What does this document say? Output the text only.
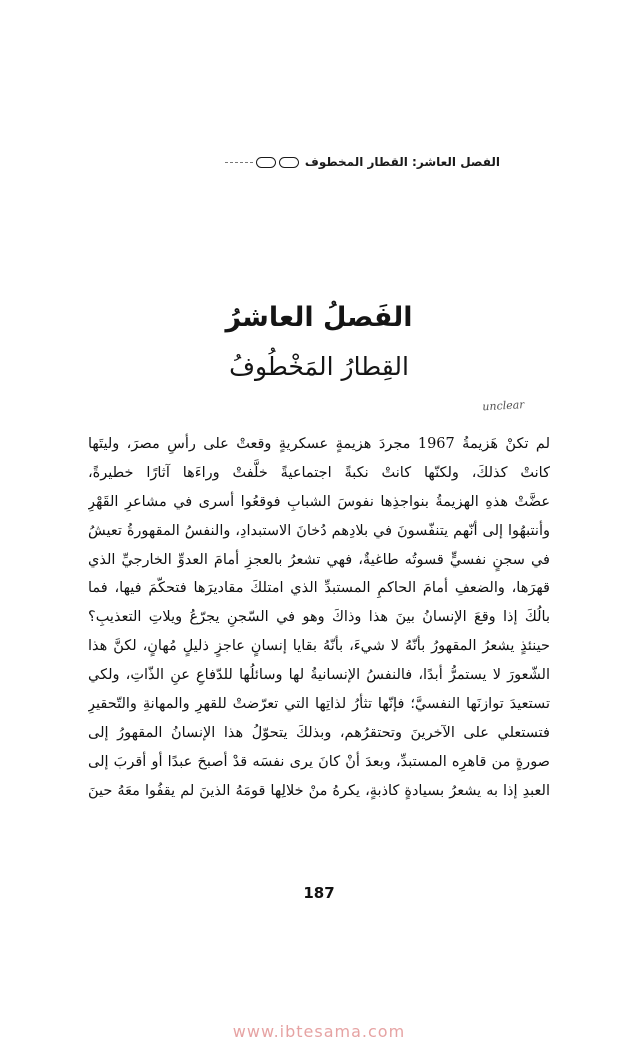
الفصل العاشر: القطار المخطوف
الفَصلُ العاشرُ
القِطارُ المَخْطُوفُ
unclear
لم تكنْ هَزيمةُ 1967 مجردَ هزيمةٍ عسكريةٍ وقعتْ على رأسِ مصرَ، وليتَها
كانتْ كذلكَ، ولكنّها كانتْ نكبةً اجتماعيةً خلَّفتْ وراءَها آثارًا خطيرةً،
عضَّتْ هذهِ الهزيمةُ بنواجذِها نفوسَ الشبابِ فوقعُوا أسرى في مشاعرِ القَهْرِ
وأنتبهُوا إلى أنّهم يتنفّسونَ في بلادِهم دُخانَ الاستبدادِ، والنفسُ المقهورةُ تعيشُ
في سجنٍ نفسيٍّ قسوتُه طاغيةٌ، فهي تشعرُ بالعجزِ أمامَ العدوِّ الخارجيِّ الذي
قهرَها، والضعفِ أمامَ الحاكمِ المستبدِّ الذي امتلكَ مقاديرَها فتحكّمَ فيها، فما
بالُكَ إذا وقعَ الإنسانُ بينَ هذا وذاكَ وهو في السّجنِ يجرّعُ ويلاتِ التعذيبِ؟
حينئذٍ يشعرُ المقهورُ بأنّهُ لا شيءَ، بأنّهُ بقايا إنسانٍ عاجزٍ ذليلٍ مُهانٍ، لكنَّ هذا
الشّعورَ لا يستمرُّ أبدًا، فالنفسُ الإنسانيةُ لها وسائلُها للدّفاعِ عنِ الذّاتِ، ولكي
تستعيدَ توازنَها النفسيَّ؛ فإنّها تثأرُ لذاتِها التي تعرّضتْ للقهرِ والمهانةِ والتّحقيرِ
فتستعلي على الآخرينَ وتحتقرُهم، وبذلكَ يتحوّلُ هذا الإنسانُ المقهورُ إلى
صورةٍ من قاهرِه المستبدِّ، وبعدَ أنْ كانَ يرى نفسَه قدْ أصبحَ عبدًا أو أقربَ إلى
العبدِ إذا به يشعرُ بسيادةٍ كاذبةٍ، يكرهُ منْ خلالِها قومَهُ الذينَ لم يقفُوا معَهُ حينَ
187
www.ibtesama.com
